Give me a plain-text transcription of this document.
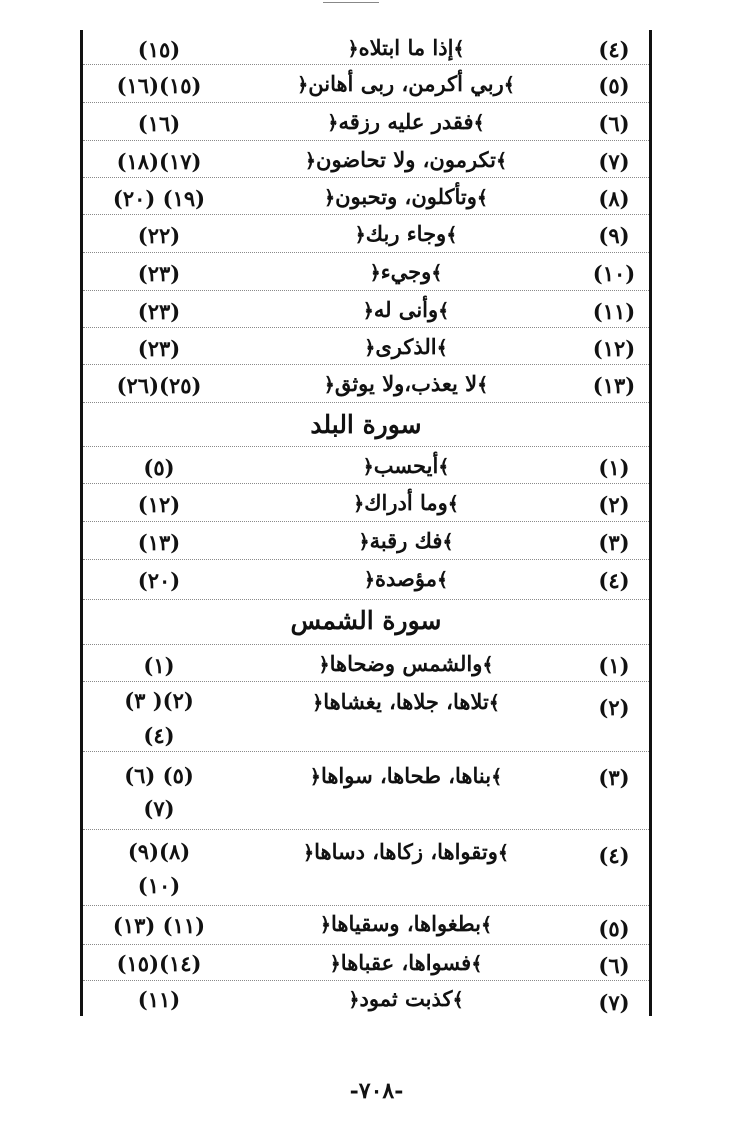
(٤)
﴾إذا ما ابتلاه﴿
(١٥)
(٥)
﴾ربي أكرمن، ربى أهانن﴿
(١٥)(١٦)
(٦)
﴾فقدر عليه رزقه﴿
(١٦)
(٧)
﴾تكرمون، ولا تحاضون﴿
(١٧)(١٨)
(٨)
﴾وتأكلون، وتحبون﴿
(١٩) (٢٠)
(٩)
﴾وجاء ربك﴿
(٢٢)
(١٠)
﴾وجيء﴿
(٢٣)
(١١)
﴾وأنى له﴿
(٢٣)
(١٢)
﴾الذكرى﴿
(٢٣)
(١٣)
﴾لا يعذب،ولا يوثق﴿
(٢٥)(٢٦)
سورة البلد
(١)
﴾أيحسب﴿
(٥)
(٢)
﴾وما أدراك﴿
(١٢)
(٣)
﴾فك رقبة﴿
(١٣)
(٤)
﴾مؤصدة﴿
(٢٠)
سورة الشمس
(١)
﴾والشمس وضحاها﴿
(١)
(٢)
﴾تلاها، جلاها، يغشاها﴿
(٢)( ٣)
(٤)
(٣)
﴾بناها، طحاها، سواها﴿
(٥) (٦)
(٧)
(٤)
﴾وتقواها، زكاها، دساها﴿
(٨)(٩)
(١٠)
(٥)
﴾بطغواها، وسقياها﴿
(١١) (١٣)
(٦)
﴾فسواها، عقباها﴿
(١٤)(١٥)
(٧)
﴾كذبت ثمود﴿
(١١)
-٧٠٨-
